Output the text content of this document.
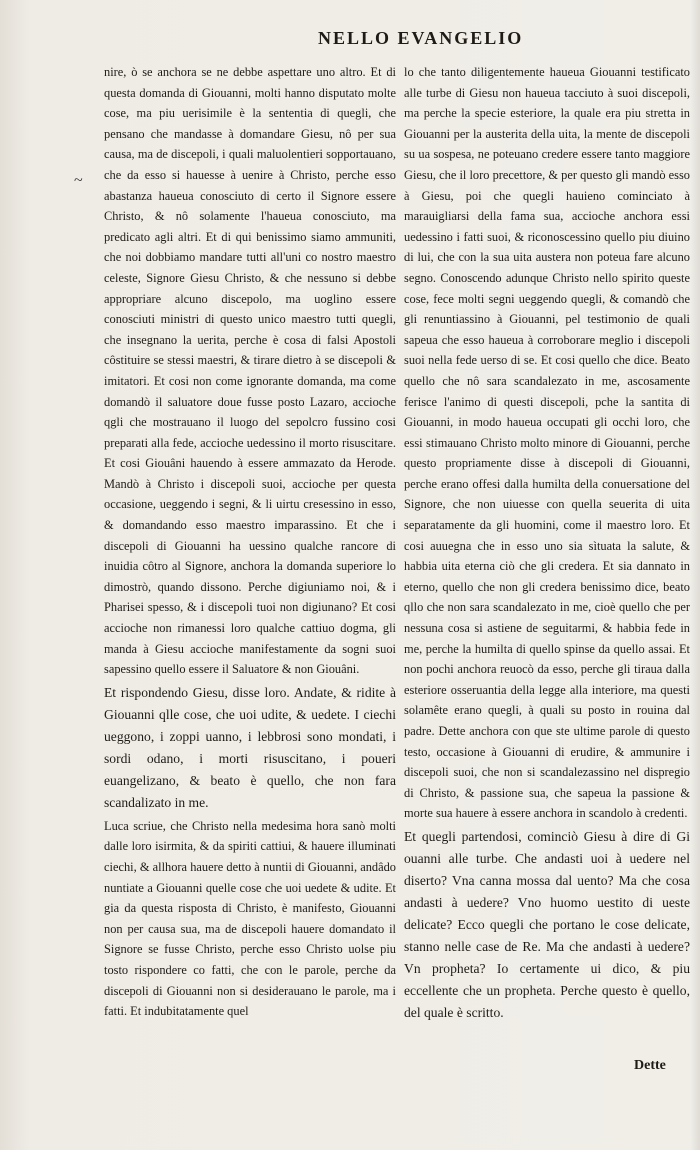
NELLO EVANGELIO
~

nire, ò se anchora se ne debbe aspettare uno altro. Et di questa domanda di Giouanni, molti hanno disputato molte cose, ma piu uerisimile è la sententia di quegli, che pensano che mandasse à domandare Giesu, nô per sua causa, ma de discepoli, i quali maluolentieri sopportauano, che da esso si hauesse à uenire à Christo, perche esso abastanza haueua conosciuto di certo il Signore essere Christo, & nô solamente l'haueua conosciuto, ma predicato agli altri. Et di qui benissimo siamo ammuniti, che noi dobbiamo mandare tutti all'uni co nostro maestro celeste, Signore Giesu Christo, & che nessuno si debbe appropriare alcuno discepolo, ma uoglino essere conosciuti ministri di questo unico maestro tutti quegli, che insegnano la uerita, perche è cosa di falsi Apostoli côstituire se stessi maestri, & tirare dietro à se discepoli & imitatori. Et cosi non come ignorante domanda, ma come domandò il saluatore doue fusse posto Lazaro, accioche qgli che mostrauano il luogo del sepolcro fussino cosi preparati alla fede, accioche uedessino il morto risuscitare. Et cosi Giouâni hauendo à essere ammazato da Herode. Mandò à Christo i discepoli suoi, accioche per questa occasione, ueggendo i segni, & li uirtu cresessino in esso, & domandando esso maestro imparassino. Et che i discepoli di Giouanni ha uessino qualche rancore di inuidia côtro al Signore, anchora la domanda superiore lo dimostrò, quando dissono. Perche digiuniamo noi, & i Pharisei spesso, & i discepoli tuoi non digiunano? Et cosi accioche non rimanessi loro qualche cattiuo dogma, gli manda à Giesu accioche manifestamente da sogni suoi sapessino quello essere il Saluatore & non Giouâni.

Et rispondendo Giesu, disse loro. Andate, & ridite à Giouanni qlle cose, che uoi udite, & uedete. I ciechi ueggono, i zoppi uanno, i lebbrosi sono mondati, i sordi odano, i morti risuscitano, i poueri euangelizano, & beato è quello, che non fara scandalizato in me.

Luca scriue, che Christo nella medesima hora sanò molti dalle loro isirmita, & da spiriti cattiui, & hauere illuminati ciechi, & allhora hauere detto à nuntii di Giouanni, andâdo nuntiate a Giouanni quelle cose che uoi uedete & udite. Et gia da questa risposta di Christo, è manifesto, Giouanni non per causa sua, ma de discepoli hauere domandato il Signore se fusse Christo, perche esso Christo uolse piu tosto rispondere co fatti, che con le parole, perche da discepoli di Giouanni non si desiderauano le parole, ma i fatti. Et indubitatamente quel

lo che tanto diligentemente haueua Giouanni testificato alle turbe di Giesu non haueua tacciuto à suoi discepoli, ma perche la specie esteriore, la quale era piu stretta in Giouanni per la austerita della uita, la mente de discepoli su ua sospesa, ne poteuano credere essere tanto maggiore Giesu, che il loro precettore, & per questo gli mandò esso à Giesu, poi che quegli hauieno cominciato à marauigliarsi della fama sua, accioche anchora essi uedessino i fatti suoi, & riconoscessino quello piu diuino di lui, che con la sua uita austera non poteua fare alcuno segno. Conoscendo adunque Christo nello spirito queste cose, fece molti segni ueggendo quegli, & comandò che gli renuntiassino à Giouanni, pel testimonio de quali sapeua che esso haueua à corroborare meglio i discepoli suoi nella fede uerso di se. Et cosi quello che dice. Beato quello che nô sara scandalezato in me, ascosamente feriscе l'animo di questi discepoli, pche la santita di Giouanni, in modo haueua occupati gli occhi loro, che essi stimauano Christo molto minore di Giouanni, perche questo propriamente disse à discepoli di Giouanni, perche erano offesi dalla humilta della conuersatione del Signore, che non uiuesse con quella seuerita di uita separatamente da gli huomini, come il maestro loro. Et cosi auuegna che in esso uno sia sìtuata la salute, & habbia uita eterna ciò che gli credera. Et sia dannato in eterno, quello che non gli credera benissimo dice, beato qllo che non sara scandalezato in me, cioè quello che per nessuna cosa si astiene de seguitarmi, & habbia fede in me, perche la humilta di quello spinse da quello assai. Et non pochi anchora reuocò da esso, perche gli tiraua dalla esteriore osseruantia della legge alla interiore, ma questi solamête erano quegli, à quali su posto in rouina dal padre. Dette anchora con que ste ultime parole di questo testo, occasione à Giouanni di erudire, & ammunire i discepoli suoi, che non si scandalezassino nel dispregio di Christo, & passione sua, che sapeua la passione & morte sua hauere à essere anchora in scandolo à credenti.

Et quegli partendosi, cominciò Giesu à dire di Gi ouanni alle turbe. Che andasti uoi à uedere nel diserto? Vna canna mossa dal uento? Ma che cosa andasti à uedere? Vno huomo uestito di ueste delicate? Ecco quegli che portano le cose delicate, stanno nelle case de Re. Ma che andasti à uedere? Vn propheta? Io certamente ui dico, & piu eccellente che un propheta. Perche questo è quello, del quale è scritto.

Dette
